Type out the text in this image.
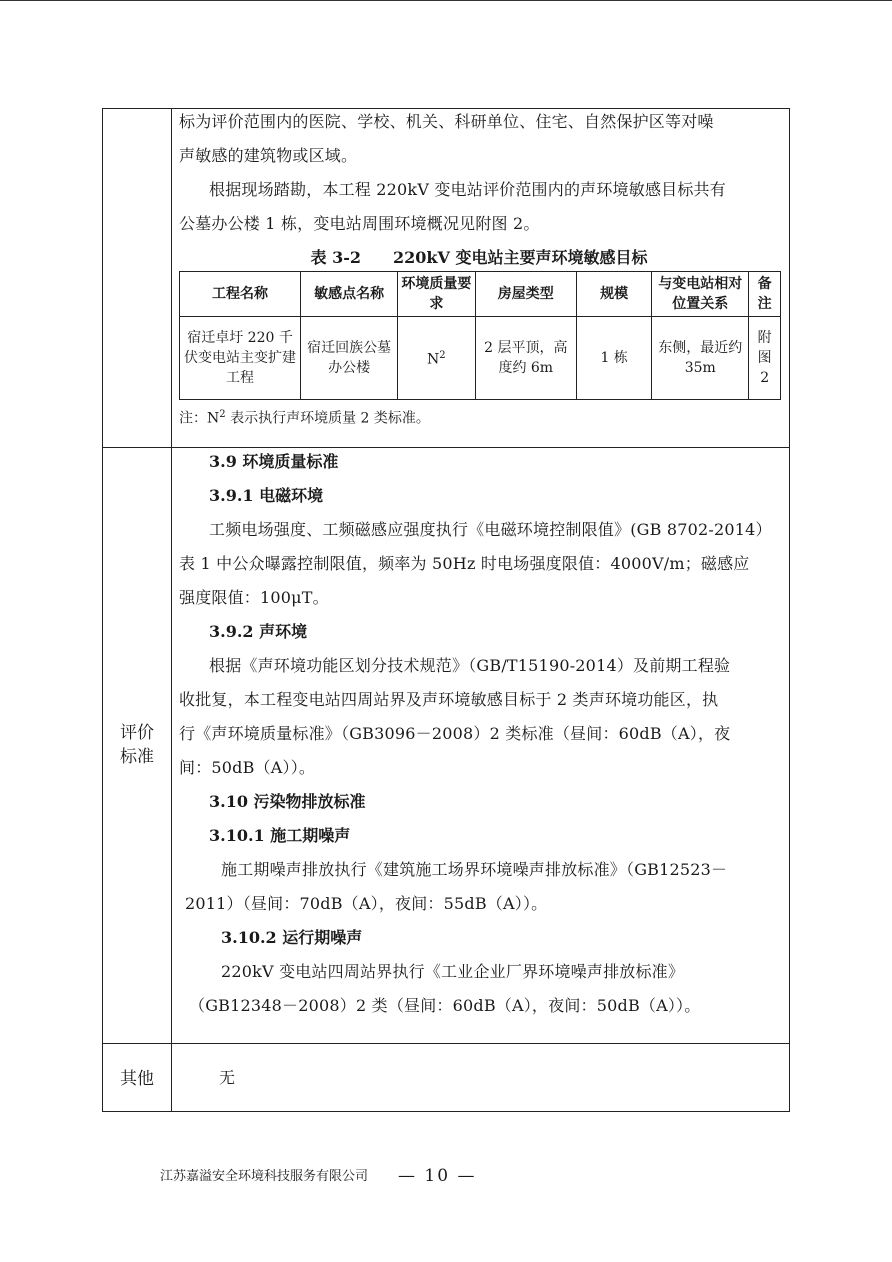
标为评价范围内的医院、学校、机关、科研单位、住宅、自然保护区等对噪

声敏感的建筑物或区域。

根据现场踏勘，本工程 220kV 变电站评价范围内的声环境敏感目标共有

公墓办公楼 1 栋，变电站周围环境概况见附图 2。

表 3-2　　220kV 变电站主要声环境敏感目标
工程名称	敏感点名称	环境质量要求	房屋类型	规模	与变电站相对位置关系	备注
宿迁卓圩 220 千伏变电站主变扩建工程	宿迁回族公墓办公楼	$N^2$	2 层平顶，高度约 6m	1 栋	东侧，最近约 35m	附图 2
注：$N^2$ 表示执行声环境质量 2 类标准。
评价标准

3.9 环境质量标准

3.9.1 电磁环境

工频电场强度、工频磁感应强度执行《电磁环境控制限值》(GB 8702-2014）

表 1 中公众曝露控制限值，频率为 50Hz 时电场强度限值：4000V/m；磁感应

强度限值：100μT。

3.9.2 声环境

根据《声环境功能区划分技术规范》（GB/T15190-2014）及前期工程验

收批复，本工程变电站四周站界及声环境敏感目标于 2 类声环境功能区，执

行《声环境质量标准》（GB3096－2008）2 类标准（昼间：60dB（A），夜

间：50dB（A））。

3.10 污染物排放标准

3.10.1 施工期噪声

施工期噪声排放执行《建筑施工场界环境噪声排放标准》（GB12523－

2011）（昼间：70dB（A），夜间：55dB（A））。

3.10.2 运行期噪声

220kV 变电站四周站界执行《工业企业厂界环境噪声排放标准》

（GB12348－2008）2 类（昼间：60dB（A），夜间：50dB（A））。

其他	无

江苏嘉溢安全环境科技服务有限公司 — 10 —
